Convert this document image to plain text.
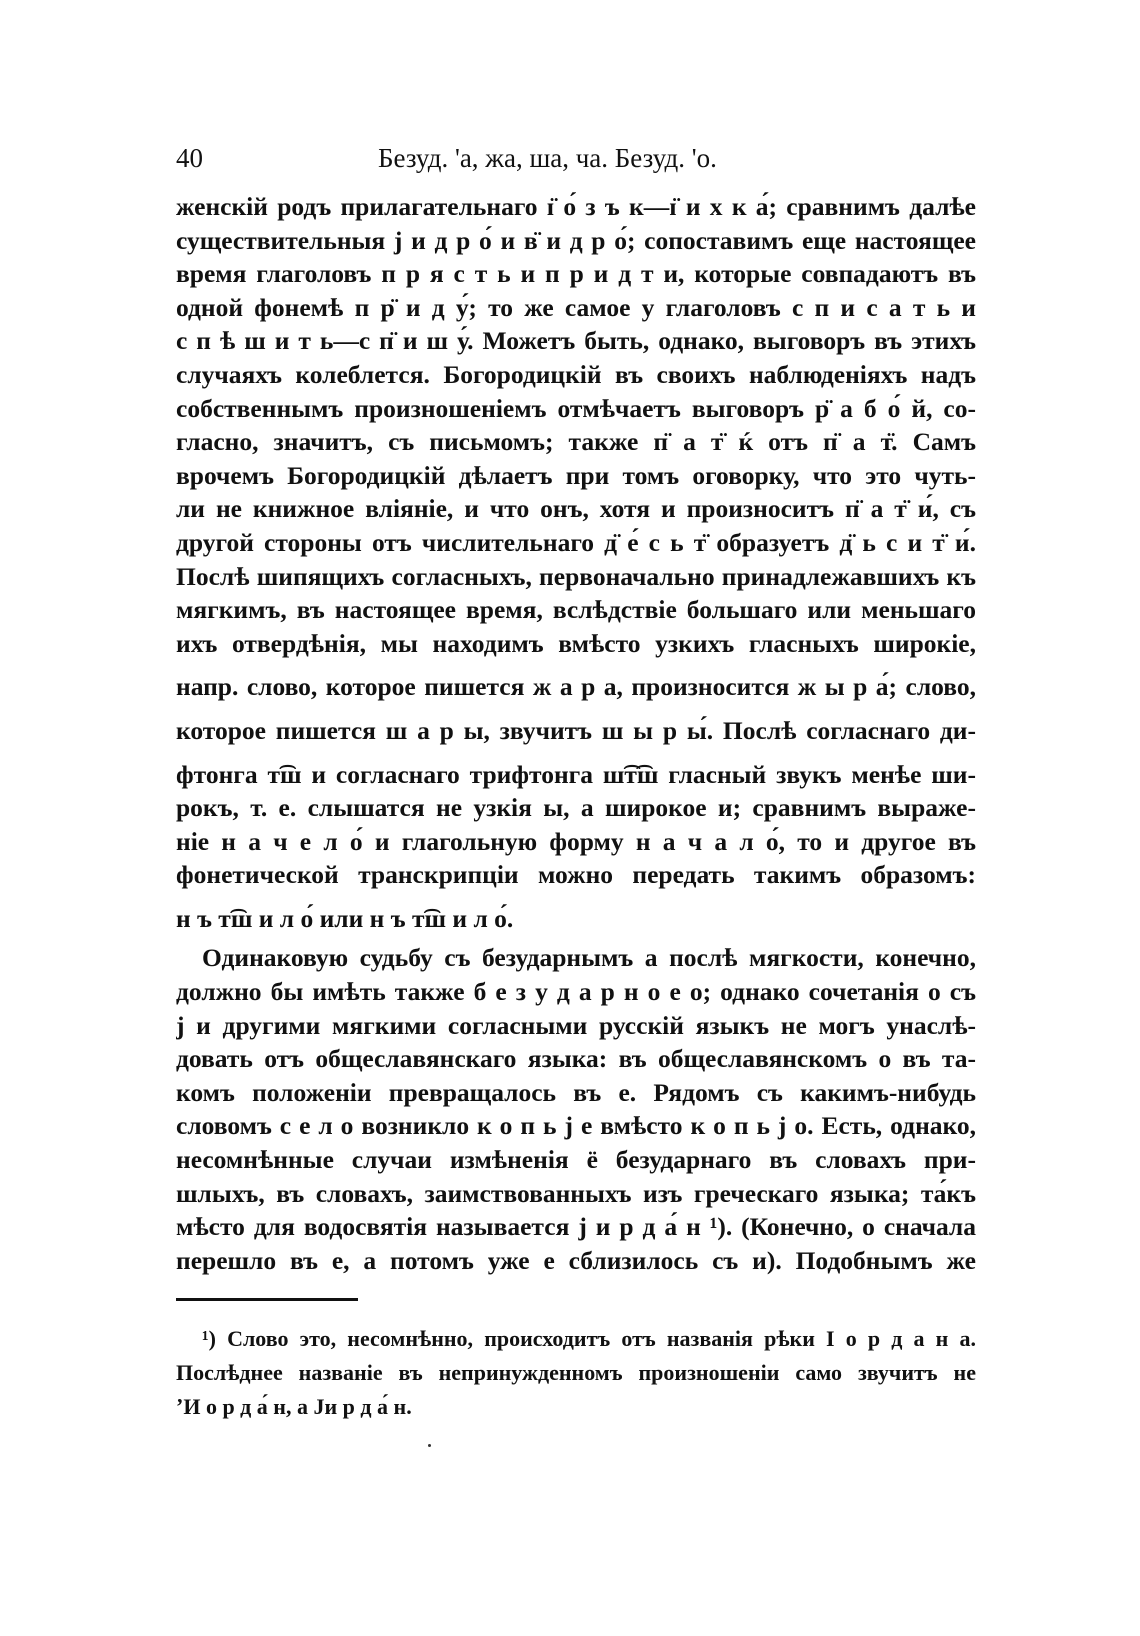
40	Безуд. 'а, жа, ша, ча. Безуд. 'о.
женскій родъ прилагательнаго ɪ̈ о́ з ъ к—ɪ̈ и х к а́; сравнимъ далѣе
существительныя j и д р о́ и в̈ и д р о́; сопоставимъ еще настоящее
время глаголовъ п р я с т ь и п р и д т и, которые совпадаютъ въ
одной фонемѣ п р̈ и д у́; то же самое у глаголовъ с п и с а т ь и
с п ѣ ш и т ь—с п̈ и ш у́. Можетъ быть, однако, выговоръ въ этихъ
случаяхъ колеблется. Богородицкій въ своихъ наблюденіяхъ надъ
собственнымъ произношеніемъ отмѣчаетъ выговоръ р̈ а б о́ й, со-
гласно, значитъ, съ письмомъ; также п̈ а т̈ ќ отъ п̈ а т̈. Самъ
врочемъ Богородицкій дѣлаетъ при томъ оговорку, что это чуть-
ли не книжное вліяніе, и что онъ, хотя и произноситъ п̈ а т̈ и́, съ
другой стороны отъ числительнаго д̈ е́ с ь т̈ образуетъ д̈ ь с и т̈ и́.
Послѣ шипящихъ согласныхъ, первоначально принадлежавшихъ къ
мягкимъ, въ настоящее время, вслѣдствіе большаго или меньшаго
ихъ отвердѣнія, мы находимъ вмѣсто узкихъ гласныхъ широкіе,
напр. слово, которое пишется ж а р а, произносится ж ы р а́; слово,
которое пишется ш а р ы, звучитъ ш ы р ы́. Послѣ согласнаго ди-
фтонга т͡ш и согласнаго трифтонга ш͡т͡ш гласный звукъ менѣе ши-
рокъ, т. е. слышатся не узкія ы, а широкое и; сравнимъ выраже-
ніе н а ч е л о́ и глагольную форму н а ч а л о́, то и другое въ
фонетической транскрипціи можно передать такимъ образомъ:
н ъ т͡ш и л о́ или н ъ т͡ш и л о́.
Одинаковую судьбу съ безударнымъ а послѣ мягкости, конечно,
должно бы имѣть также б е з у д а р н о е о; однако сочетанія о съ
j и другими мягкими согласными русскій языкъ не могъ унаслѣ-
довать отъ общеславянскаго языка: въ общеславянскомъ о въ та-
комъ положеніи превращалось въ е. Рядомъ съ какимъ-нибудь
словомъ с е л о возникло к о п ь j е вмѣсто к о п ь j о. Есть, однако,
несомнѣнные случаи измѣненія ё безударнаго въ словахъ при-
шлыхъ, въ словахъ, заимствованныхъ изъ греческаго языка; та́къ
мѣсто для водосвятія называется j и р д а́ н ¹). (Конечно, о сначала
перешло въ е, а потомъ уже е сблизилось съ и). Подобнымъ же
¹) Слово это, несомнѣнно, происходитъ отъ названія рѣки І о р д а н а.
Послѣднее названіе въ непринужденномъ произношеніи само звучитъ не
ʼИ о р д а́ н, а Jи р д а́ н.
